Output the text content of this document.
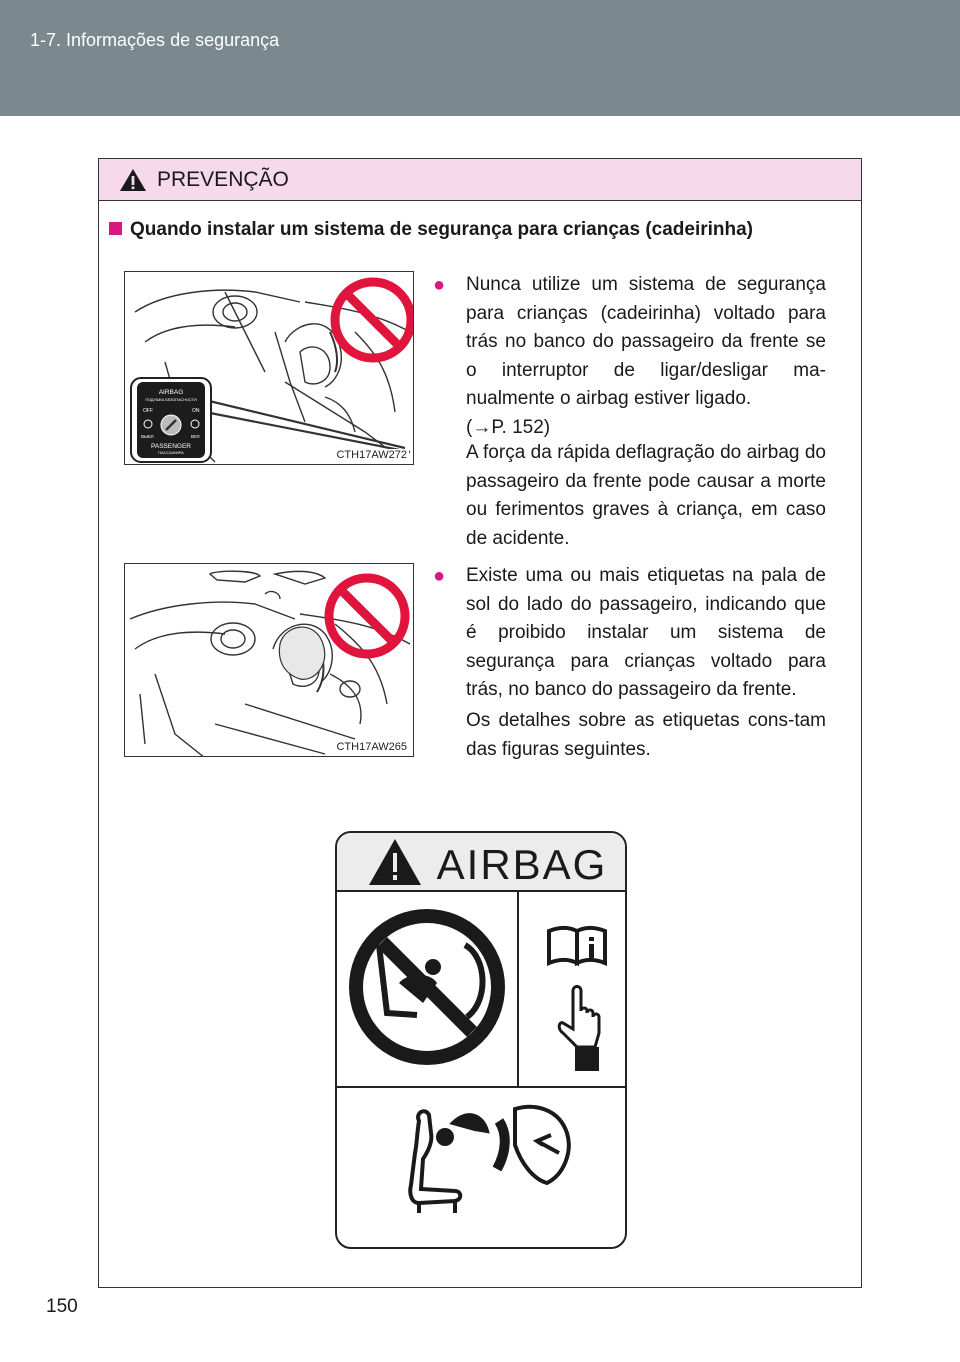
1-7. Informações de segurança
PREVENÇÃO
Quando instalar um sistema de segurança para crianças (cadeirinha)
AIRBAG
ПОДУШКА БЕЗОПАСНОСТИ
OFF	ON
ВЫКЛ	ВКЛ
PASSENGER
ПАССАЖИРА	CTH17AW272
CTH17AW265
●	Nunca utilize um sistema de segurança para crianças (cadeirinha) voltado para trás no banco do passageiro da frente se o interruptor de ligar/desligar ma-nualmente o airbag estiver ligado.
(→P. 152)
A força da rápida deflagração do airbag do passageiro da frente pode causar a morte ou ferimentos graves à criança, em caso de acidente.
●	Existe uma ou mais etiquetas na pala de sol do lado do passageiro, indicando que é proibido instalar um sistema de segurança para crianças voltado para trás, no banco do passageiro da frente.
Os detalhes sobre as etiquetas cons-tam das figuras seguintes.
AIRBAG
150
